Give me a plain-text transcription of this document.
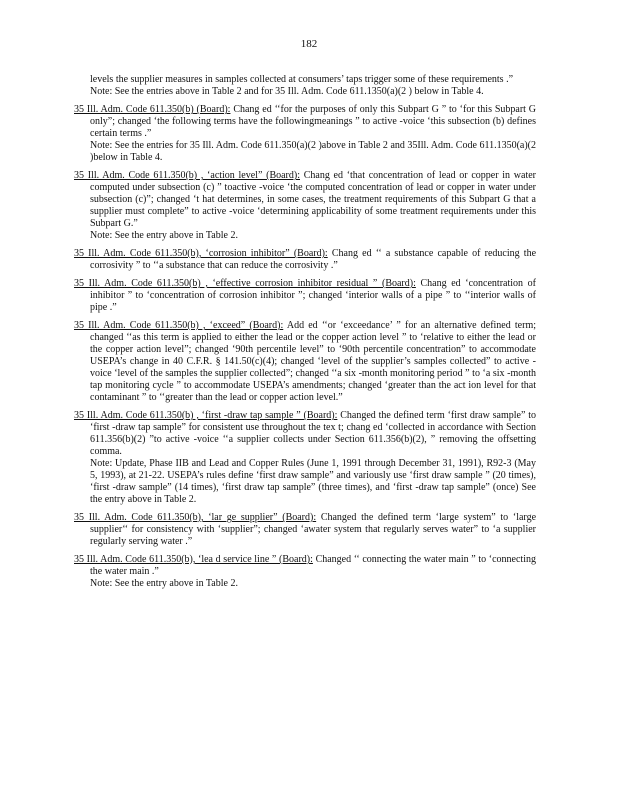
182

levels the supplier measures in samples collected at consumers’ taps trigger some of these requirements .”

Note: See the entries above in Table 2 and for 35 Ill. Adm. Code 611.1350(a)(2 ) below in Table 4.

35 Ill. Adm. Code 611.350(b) (Board): Chang ed ‘‘for the purposes of only this Subpart G ” to ‘for this Subpart G only”; changed ‘the following terms have the followingmeanings ” to active -voice ‘this subsection (b) defines certain terms .”

Note: See the entries for 35 Ill. Adm. Code 611.350(a)(2 )above in Table 2 and 35Ill. Adm. Code 611.1350(a)(2 )below in Table 4.

35 Ill. Adm. Code 611.350(b) , ‘action level” (Board): Chang ed ‘that concentration of lead or copper in water computed under subsection (c) ” toactive -voice ‘the computed concentration of lead or copper in water under subsection (c)”; changed ‘t hat determines, in some cases, the treatment requirements of this Subpart G that a supplier must complete” to active -voice ‘determining applicability of some treatment requirements under this Subpart G.”

Note: See the entry above in Table 2.

35 Ill. Adm. Code 611.350(b), ‘corrosion inhibitor” (Board): Chang ed ‘‘ a substance capable of reducing the corrosivity ” to ‘‘a substance that can reduce the corrosivity .”

35 Ill. Adm. Code 611.350(b) , ‘effective corrosion inhibitor residual ” (Board): Chang ed ‘concentration of inhibitor ” to ‘concentration of corrosion inhibitor ”; changed ‘interior walls of a pipe ” to ‘‘interior walls of pipe .”

35 Ill. Adm. Code 611.350(b) , ‘exceed” (Board): Add ed ‘‘or ‘exceedance’ ” for an alternative defined term; changed ‘‘as this term is applied to either the lead or the copper action level ” to ‘relative to either the lead or the copper action level”; changed ‘90th percentile level” to ‘90th percentile concentration” to accommodate USEPA’s change in 40 C.F.R. § 141.50(c)(4); changed ‘level of the supplier’s samples collected” to active -voice ‘level of the samples the supplier collected”; changed ‘‘a six -month monitoring period ” to ‘a six -month tap monitoring cycle ” to accommodate USEPA’s amendments; changed ‘greater than the act ion level for that contaminant ” to ‘‘greater than the lead or copper action level.”

35 Ill. Adm. Code 611.350(b) , ‘first -draw tap sample ” (Board): Changed the defined term ‘first draw sample” to ‘first -draw tap sample” for consistent use throughout the tex t; chang ed ‘collected in accordance with Section 611.356(b)(2) ”to active -voice ‘‘a supplier collects under Section 611.356(b)(2), ” removing the offsetting comma.

Note: Update, Phase IIB and Lead and Copper Rules (June 1, 1991 through December 31, 1991), R92-3 (May 5, 1993), at 21-22. USEPA’s rules define ‘first draw sample” and variously use ‘first draw sample ” (20 times), ‘first -draw sample” (14 times), ‘first draw tap sample” (three times), and ‘first -draw tap sample” (once) See the entry above in Table 2.

35 Ill. Adm. Code 611.350(b), ‘lar ge supplier” (Board): Changed the defined term ‘large system” to ‘large supplier‘‘ for consistency with ‘supplier”; changed ‘awater system that regularly serves water” to ‘a supplier regularly serving water .”

35 Ill. Adm. Code 611.350(b), ‘lea d service line ” (Board): Changed ‘‘ connecting the water main ” to ‘connecting the water main .”

Note: See the entry above in Table 2.
